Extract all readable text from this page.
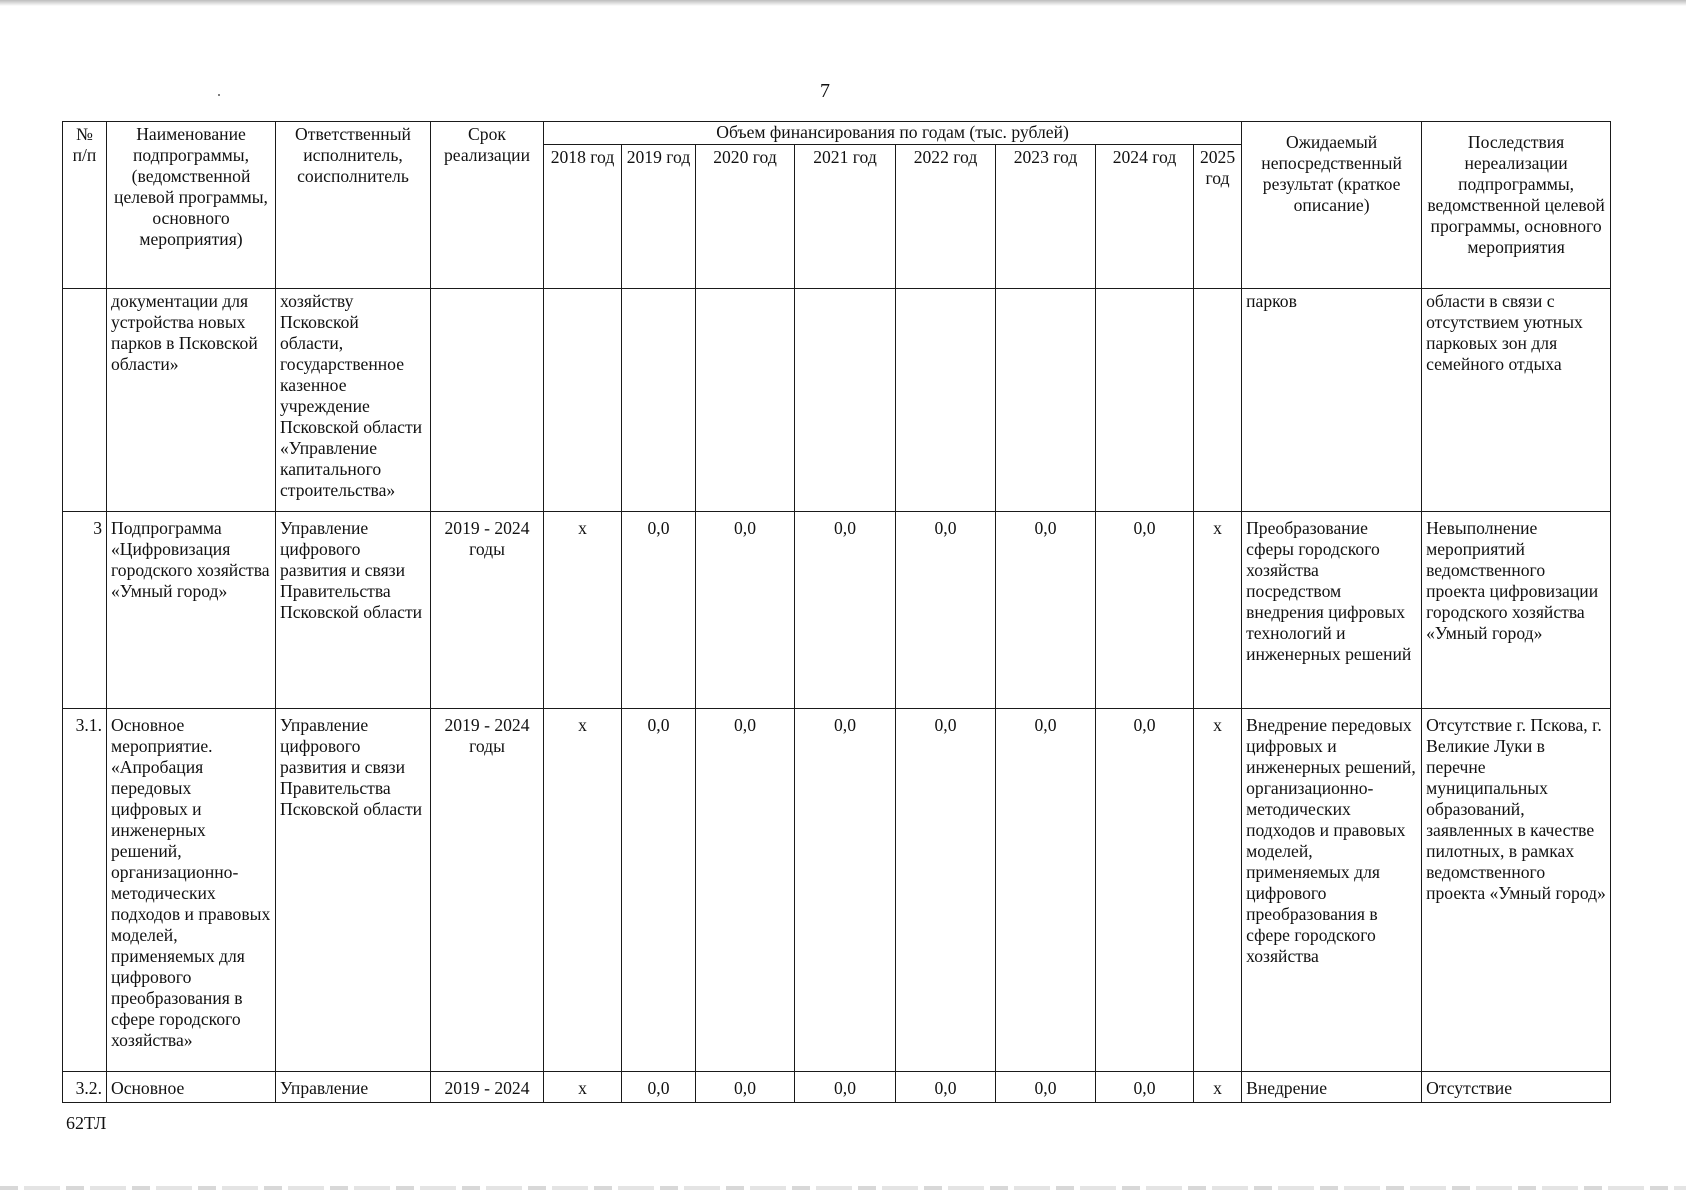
7
№ п/п	Наименование подпрограммы, (ведомственной целевой программы, основного мероприятия)	Ответственный исполнитель, соисполнитель	Срок реализации	Объем финансирования по годам (тыс. рублей)								Ожидаемый непосредственный результат (краткое описание)	Последствия нереализации подпрограммы, ведомственной целевой программы, основного мероприятия
				2018 год	2019 год	2020 год	2021 год	2022 год	2023 год	2024 год	2025 год		
	документации для устройства новых парков в Псковской области»	хозяйству Псковской области, государственное казенное учреждение Псковской области «Управление капитального строительства»										парков	области в связи с отсутствием уютных парковых зон для семейного отдыха
3	Подпрограмма «Цифровизация городского хозяйства «Умный город»	Управление цифрового развития и связи Правительства Псковской области	2019 - 2024 годы	х	0,0	0,0	0,0	0,0	0,0	0,0	х	Преобразование сферы городского хозяйства посредством внедрения цифровых технологий и инженерных решений	Невыполнение мероприятий ведомственного проекта цифровизации городского хозяйства «Умный город»
3.1.	Основное мероприятие. «Апробация передовых цифровых и инженерных решений, организационно-методических подходов и правовых моделей, применяемых для цифрового преобразования в сфере городского хозяйства»	Управление цифрового развития и связи Правительства Псковской области	2019 - 2024 годы	х	0,0	0,0	0,0	0,0	0,0	0,0	х	Внедрение передовых цифровых и инженерных решений, организационно-методических подходов и правовых моделей, применяемых для цифрового преобразования в сфере городского хозяйства	Отсутствие г. Пскова, г. Великие Луки в перечне муниципальных образований, заявленных в качестве пилотных, в рамках ведомственного проекта «Умный город»
3.2.	Основное	Управление	2019 - 2024	х	0,0	0,0	0,0	0,0	0,0	0,0	х	Внедрение	Отсутствие
62ТЛ
